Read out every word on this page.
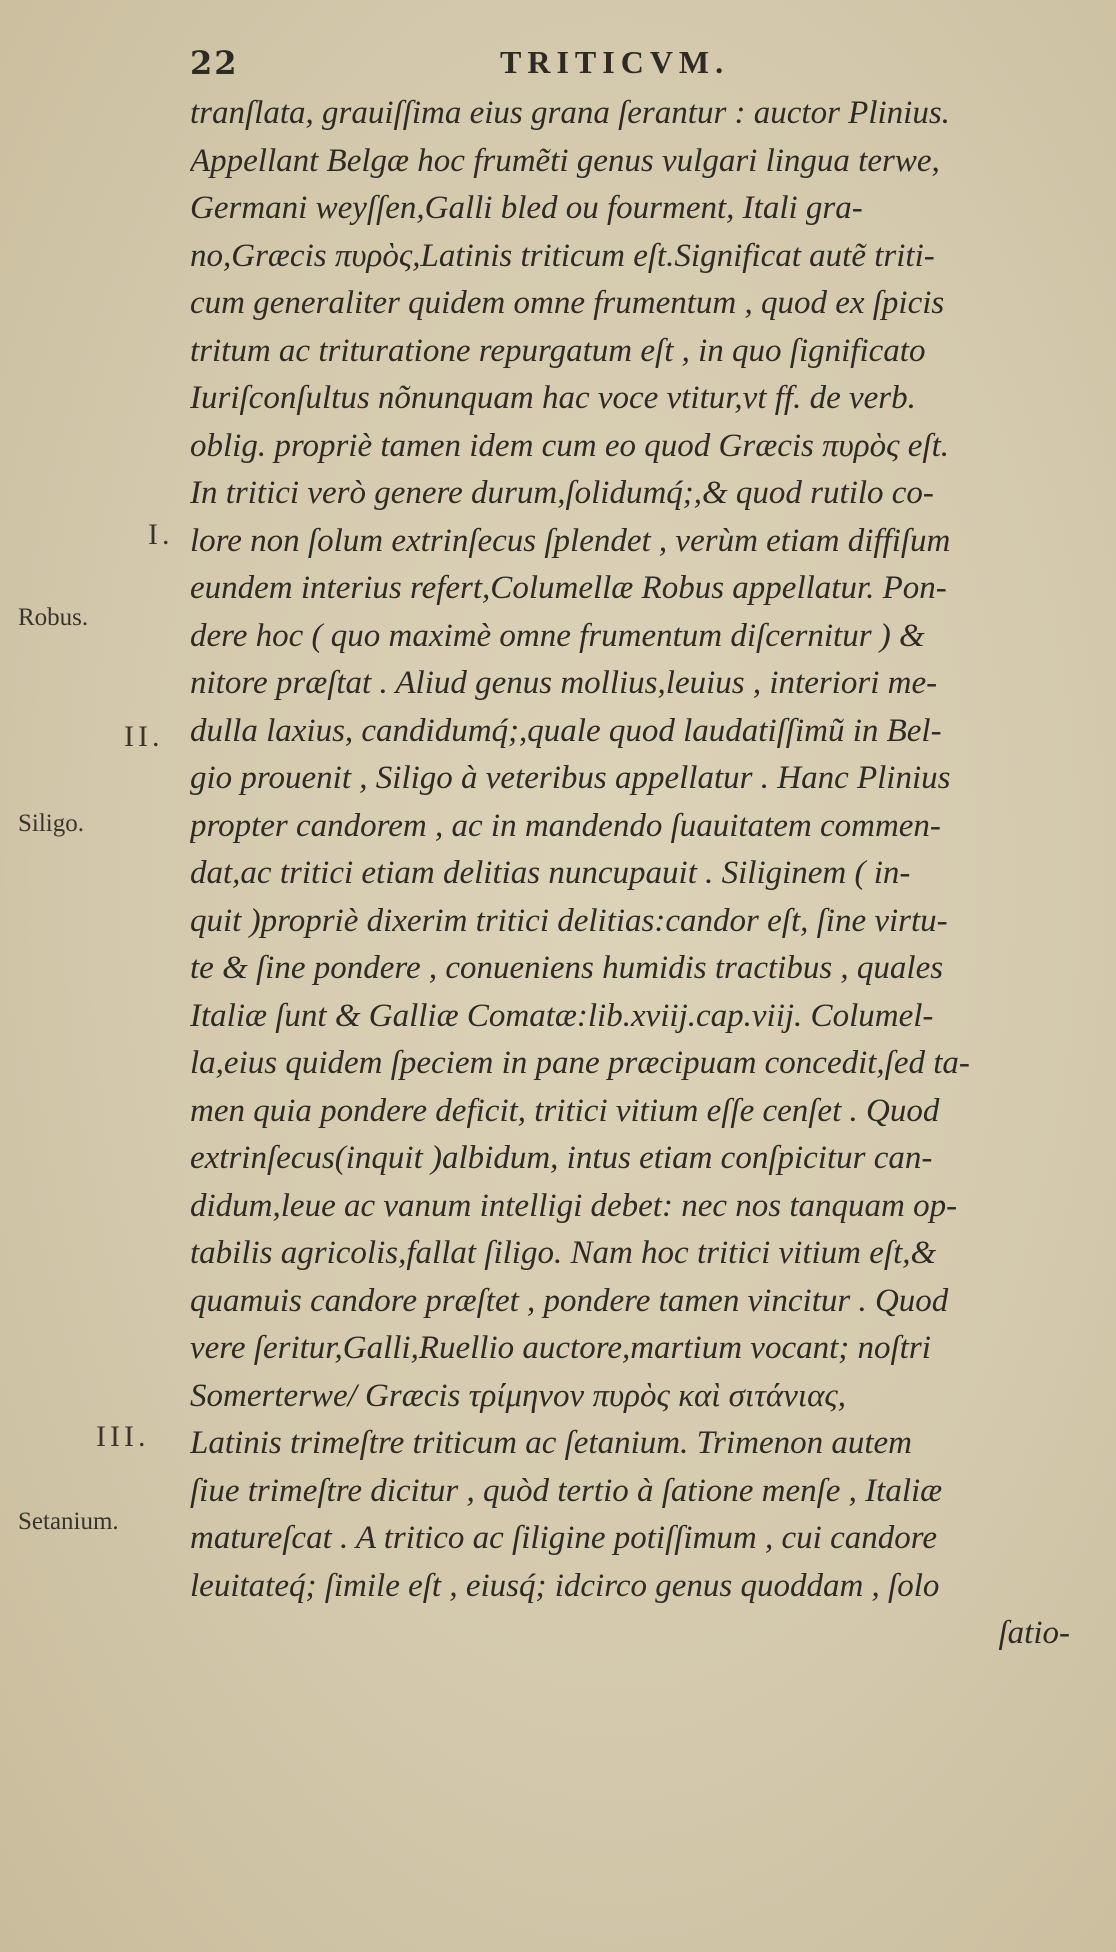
22	TRITICVM.
tranſlata, grauiſſima eius grana ſerantur : auctor Plinius.
Appellant Belgæ hoc frumẽti genus vulgari lingua terwe,
Germani weyſſen,Galli bled ou fourment, Itali gra-
no,Græcis πυρὸς,Latinis triticum eſt.Significat autẽ triti-
cum generaliter quidem omne frumentum , quod ex ſpicis
tritum ac trituratione repurgatum eſt , in quo ſignificato
Iuriſconſultus nõnunquam hac voce vtitur,vt ff. de verb.
oblig. propriè tamen idem cum eo quod Græcis πυρὸς eſt.
In tritici verò genere durum,ſolidumq́;,& quod rutilo co-
lore non ſolum extrinſecus ſplendet , verùm etiam diffiſum
eundem interius refert,Columellæ Robus appellatur. Pon-
dere hoc ( quo maximè omne frumentum diſcernitur ) &
nitore præſtat . Aliud genus mollius,leuius , interiori me-
dulla laxius, candidumq́;,quale quod laudatiſſimũ in Bel-
gio prouenit , Siligo à veteribus appellatur . Hanc Plinius
propter candorem , ac in mandendo ſuauitatem commen-
dat,ac tritici etiam delitias nuncupauit . Siliginem ( in-
quit )propriè dixerim tritici delitias:candor eſt, ſine virtu-
te & ſine pondere , conueniens humidis tractibus , quales
Italiæ ſunt & Galliæ Comatæ:lib.xviij.cap.viij. Columel-
la,eius quidem ſpeciem in pane præcipuam concedit,ſed ta-
men quia pondere deficit, tritici vitium eſſe cenſet . Quod
extrinſecus(inquit )albidum, intus etiam conſpicitur can-
didum,leue ac vanum intelligi debet: nec nos tanquam op-
tabilis agricolis,fallat ſiligo. Nam hoc tritici vitium eſt,&
quamuis candore præſtet , pondere tamen vincitur . Quod
vere ſeritur,Galli,Ruellio auctore,martium vocant; noſtri
Somerterwe/ Græcis τρίμηνον πυρὸς καὶ σιτάνιας,
Latinis trimeſtre triticum ac ſetanium. Trimenon autem
ſiue trimeſtre dicitur , quòd tertio à ſatione menſe , Italiæ
matureſcat . A tritico ac ſiligine potiſſimum , cui candore
leuitateq́; ſimile eſt , eiusq́; idcirco genus quoddam , ſolo
ſatio-
I.
II.
III.
Robus.
Siligo.
Setanium.
